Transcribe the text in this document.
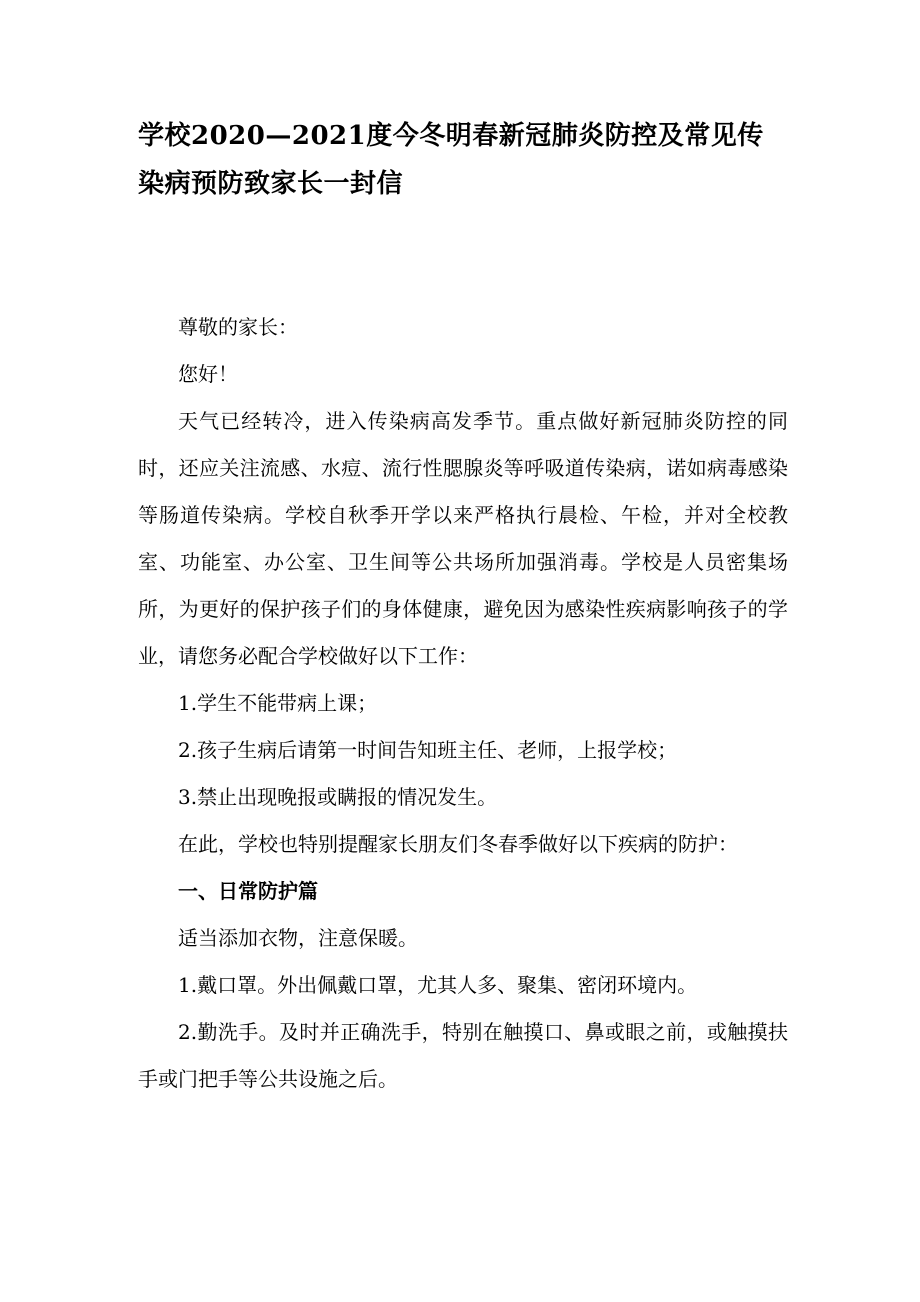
学校2020—2021度今冬明春新冠肺炎防控及常见传染病预防致家长一封信

尊敬的家长：

您好！

天气已经转冷，进入传染病高发季节。重点做好新冠肺炎防控的同时，还应关注流感、水痘、流行性腮腺炎等呼吸道传染病，诺如病毒感染等肠道传染病。学校自秋季开学以来严格执行晨检、午检，并对全校教室、功能室、办公室、卫生间等公共场所加强消毒。学校是人员密集场所，为更好的保护孩子们的身体健康，避免因为感染性疾病影响孩子的学业，请您务必配合学校做好以下工作：

1.学生不能带病上课；

2.孩子生病后请第一时间告知班主任、老师，上报学校；

3.禁止出现晚报或瞒报的情况发生。

在此，学校也特别提醒家长朋友们冬春季做好以下疾病的防护：

一、日常防护篇

适当添加衣物，注意保暖。

1.戴口罩。外出佩戴口罩，尤其人多、聚集、密闭环境内。

2.勤洗手。及时并正确洗手，特别在触摸口、鼻或眼之前，或触摸扶手或门把手等公共设施之后。
